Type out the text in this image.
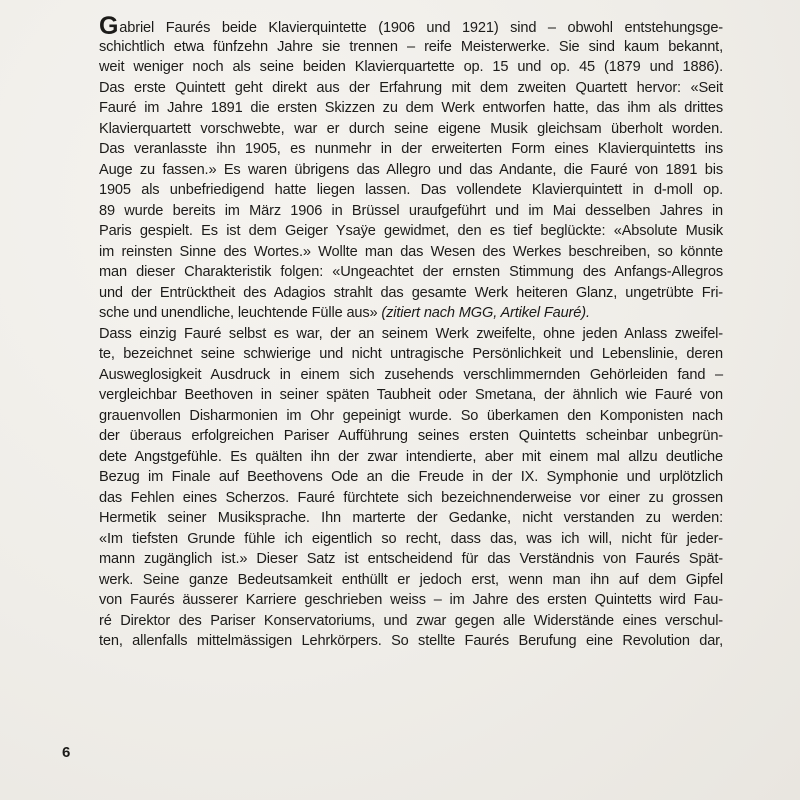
Gabriel Faurés beide Klavierquintette (1906 und 1921) sind – obwohl entstehungsge-
schichtlich etwa fünfzehn Jahre sie trennen – reife Meisterwerke. Sie sind kaum bekannt,
weit weniger noch als seine beiden Klavierquartette op. 15 und op. 45 (1879 und 1886).
Das erste Quintett geht direkt aus der Erfahrung mit dem zweiten Quartett hervor: «Seit
Fauré im Jahre 1891 die ersten Skizzen zu dem Werk entworfen hatte, das ihm als drittes
Klavierquartett vorschwebte, war er durch seine eigene Musik gleichsam überholt worden.
Das veranlasste ihn 1905, es nunmehr in der erweiterten Form eines Klavierquintetts ins
Auge zu fassen.» Es waren übrigens das Allegro und das Andante, die Fauré von 1891 bis
1905 als unbefriedigend hatte liegen lassen. Das vollendete Klavierquintett in d-moll op.
89 wurde bereits im März 1906 in Brüssel uraufgeführt und im Mai desselben Jahres in
Paris gespielt. Es ist dem Geiger Ysaÿe gewidmet, den es tief beglückte: «Absolute Musik
im reinsten Sinne des Wortes.» Wollte man das Wesen des Werkes beschreiben, so könnte
man dieser Charakteristik folgen: «Ungeachtet der ernsten Stimmung des Anfangs-Allegros
und der Entrücktheit des Adagios strahlt das gesamte Werk heiteren Glanz, ungetrübte Fri-
sche und unendliche, leuchtende Fülle aus» (zitiert nach MGG, Artikel Fauré).
Dass einzig Fauré selbst es war, der an seinem Werk zweifelte, ohne jeden Anlass zweifel-
te, bezeichnet seine schwierige und nicht untragische Persönlichkeit und Lebenslinie, deren
Ausweglosigkeit Ausdruck in einem sich zusehends verschlimmernden Gehörleiden fand –
vergleichbar Beethoven in seiner späten Taubheit oder Smetana, der ähnlich wie Fauré von
grauenvollen Disharmonien im Ohr gepeinigt wurde. So überkamen den Komponisten nach
der überaus erfolgreichen Pariser Aufführung seines ersten Quintetts scheinbar unbegrün-
dete Angstgefühle. Es quälten ihn der zwar intendierte, aber mit einem mal allzu deutliche
Bezug im Finale auf Beethovens Ode an die Freude in der IX. Symphonie und urplötzlich
das Fehlen eines Scherzos. Fauré fürchtete sich bezeichnenderweise vor einer zu grossen
Hermetik seiner Musiksprache. Ihn marterte der Gedanke, nicht verstanden zu werden:
«Im tiefsten Grunde fühle ich eigentlich so recht, dass das, was ich will, nicht für jeder-
mann zugänglich ist.» Dieser Satz ist entscheidend für das Verständnis von Faurés Spät-
werk. Seine ganze Bedeutsamkeit enthüllt er jedoch erst, wenn man ihn auf dem Gipfel
von Faurés äusserer Karriere geschrieben weiss – im Jahre des ersten Quintetts wird Fau-
ré Direktor des Pariser Konservatoriums, und zwar gegen alle Widerstände eines verschul-
ten, allenfalls mittelmässigen Lehrkörpers. So stellte Faurés Berufung eine Revolution dar,
6
